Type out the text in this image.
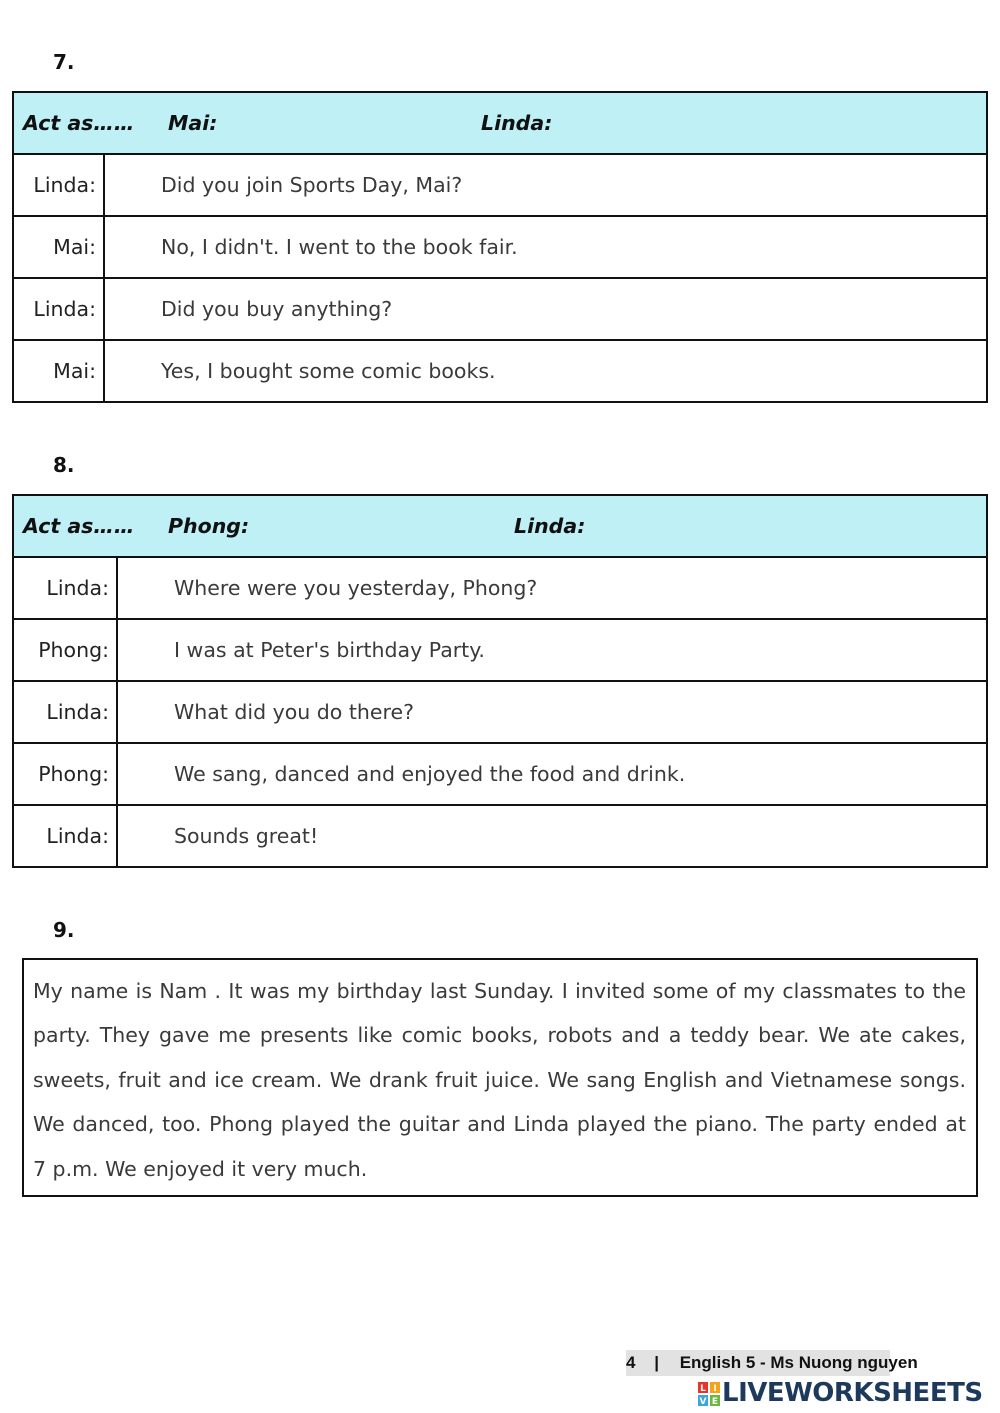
7.
Act as…… Mai: Linda:	

Linda:	Did you join Sports Day, Mai?
Mai:	No, I didn't. I went to the book fair.
Linda:	Did you buy anything?
Mai:	Yes, I bought some comic books.
8.
Act as…… Phong: Linda:	

Linda:	Where were you yesterday, Phong?
Phong:	I was at Peter's birthday Party.
Linda:	What did you do there?
Phong:	We sang, danced and enjoyed the food and drink.
Linda:	Sounds great!
9.

My name is Nam . It was my birthday last Sunday. I invited some of my classmates to the party. They gave me presents like comic books, robots and a teddy bear. We ate cakes, sweets, fruit and ice cream. We drank fruit juice. We sang English and Vietnamese songs. We danced, too. Phong played the guitar and Linda played the piano. The party ended at 7 p.m. We enjoyed it very much.

4 | English 5 - Ms Nuong nguyen
L I
V E LIVEWORKSHEETS
